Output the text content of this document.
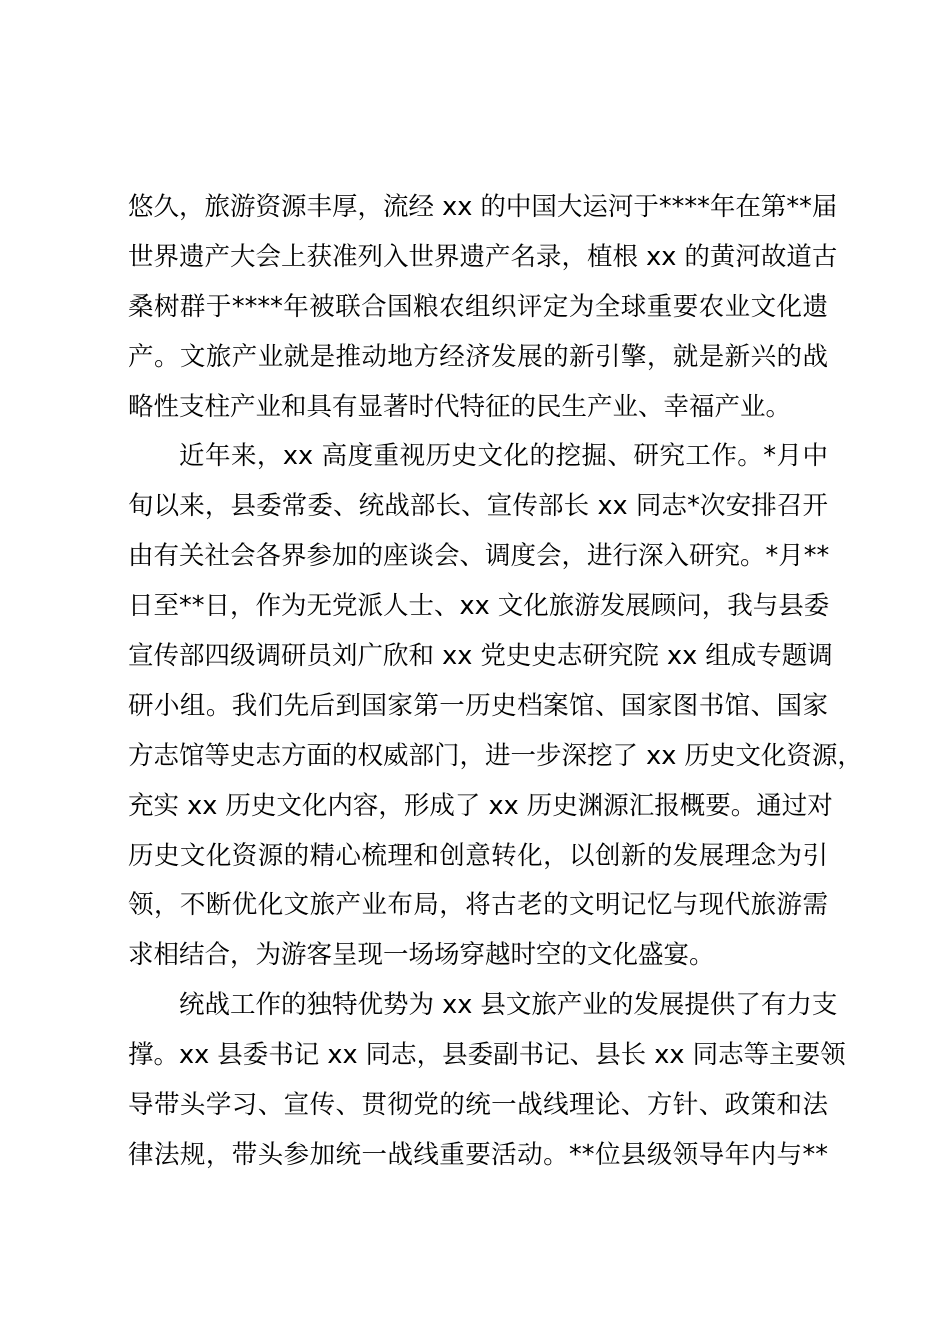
悠久，旅游资源丰厚，流经 xx 的中国大运河于****年在第**届
世界遗产大会上获准列入世界遗产名录，植根 xx 的黄河故道古
桑树群于****年被联合国粮农组织评定为全球重要农业文化遗
产。文旅产业就是推动地方经济发展的新引擎，就是新兴的战
略性支柱产业和具有显著时代特征的民生产业、幸福产业。
近年来，xx 高度重视历史文化的挖掘、研究工作。*月中
旬以来，县委常委、统战部长、宣传部长 xx 同志*次安排召开
由有关社会各界参加的座谈会、调度会，进行深入研究。*月**
日至**日，作为无党派人士、xx 文化旅游发展顾问，我与县委
宣传部四级调研员刘广欣和 xx 党史史志研究院 xx 组成专题调
研小组。我们先后到国家第一历史档案馆、国家图书馆、国家
方志馆等史志方面的权威部门，进一步深挖了 xx 历史文化资源，
充实 xx 历史文化内容，形成了 xx 历史渊源汇报概要。通过对
历史文化资源的精心梳理和创意转化，以创新的发展理念为引
领，不断优化文旅产业布局，将古老的文明记忆与现代旅游需
求相结合，为游客呈现一场场穿越时空的文化盛宴。
统战工作的独特优势为 xx 县文旅产业的发展提供了有力支
撑。xx 县委书记 xx 同志，县委副书记、县长 xx 同志等主要领
导带头学习、宣传、贯彻党的统一战线理论、方针、政策和法
律法规，带头参加统一战线重要活动。**位县级领导年内与**
